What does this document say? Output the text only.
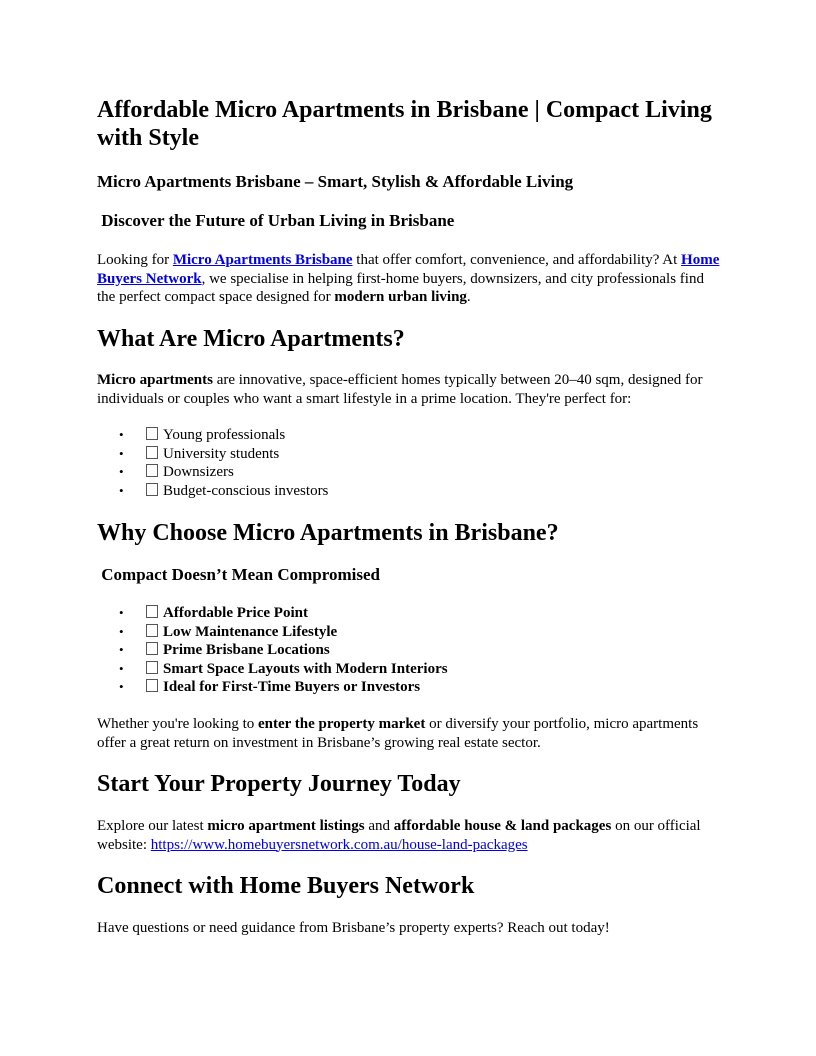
Affordable Micro Apartments in Brisbane | Compact Living with Style
Micro Apartments Brisbane – Smart, Stylish & Affordable Living
Discover the Future of Urban Living in Brisbane

Looking for Micro Apartments Brisbane that offer comfort, convenience, and affordability? At Home Buyers Network, we specialise in helping first-home buyers, downsizers, and city professionals find the perfect compact space designed for modern urban living.

What Are Micro Apartments?

Micro apartments are innovative, space-efficient homes typically between 20–40 sqm, designed for individuals or couples who want a smart lifestyle in a prime location. They're perfect for:

•	Young professionals
•	University students
•	Downsizers
•	Budget-conscious investors
Why Choose Micro Apartments in Brisbane?
Compact Doesn’t Mean Compromised
•	Affordable Price Point
•	Low Maintenance Lifestyle
•	Prime Brisbane Locations
•	Smart Space Layouts with Modern Interiors
•	Ideal for First-Time Buyers or Investors

Whether you're looking to enter the property market or diversify your portfolio, micro apartments offer a great return on investment in Brisbane’s growing real estate sector.

Start Your Property Journey Today

Explore our latest micro apartment listings and affordable house & land packages on our official website: https://www.homebuyersnetwork.com.au/house-land-packages

Connect with Home Buyers Network

Have questions or need guidance from Brisbane’s property experts? Reach out today!
